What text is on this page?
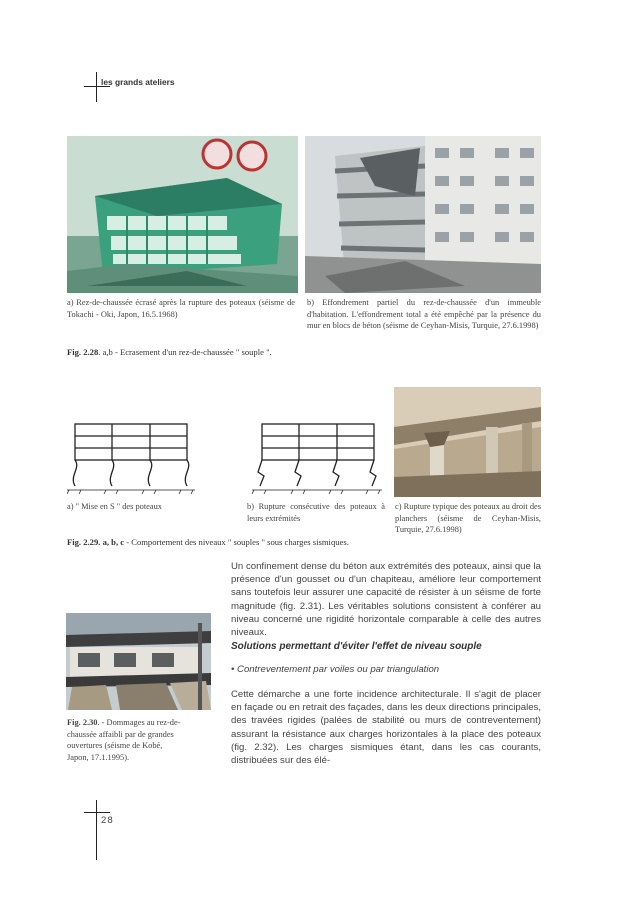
les grands ateliers
a) Rez-de-chaussée écrasé après la rupture des poteaux (séisme de Tokachi - Oki, Japon, 16.5.1968)
b) Effondrement partiel du rez-de-chaussée d'un immeuble d'habitation. L'effondrement total a été empêché par la présence du mur en blocs de béton (séisme de Ceyhan-Misis, Turquie, 27.6.1998)
Fig. 2.28. a,b - Ecrasement d'un rez-de-chaussée " souple ".
a) " Mise en S " des poteaux	b) Rupture consécutive des poteaux à leurs extrémités
c) Rupture typique des poteaux au droit des planchers (séisme de Ceyhan-Misis, Turquie, 27.6.1998)
Fig. 2.29. a, b, c - Comportement des niveaux " souples " sous charges sismiques.
Un confinement dense du béton aux extrémités des poteaux, ainsi que la présence d'un gousset ou d'un chapiteau, améliore leur comportement sans toutefois leur assurer une capacité de résister à un séisme de forte magnitude (fig. 2.31). Les véritables solutions consistent à conférer au niveau concerné une rigidité horizontale comparable à celle des autres niveaux.
Solutions permettant d'éviter l'effet de niveau souple
• Contreventement par voiles ou par triangulation
Cette démarche a une forte incidence architecturale. Il s'agit de placer en façade ou en retrait des façades, dans les deux directions principales, des travées rigides (palées de stabilité ou murs de contreventement) assurant la résistance aux charges horizontales à la place des poteaux (fig. 2.32). Les charges sismiques étant, dans les cas courants, distribuées sur des élé-
Fig. 2.30. - Dommages au rez-de-chaussée affaibli par de grandes ouvertures (séisme de Kobé, Japon, 17.1.1995).
28
